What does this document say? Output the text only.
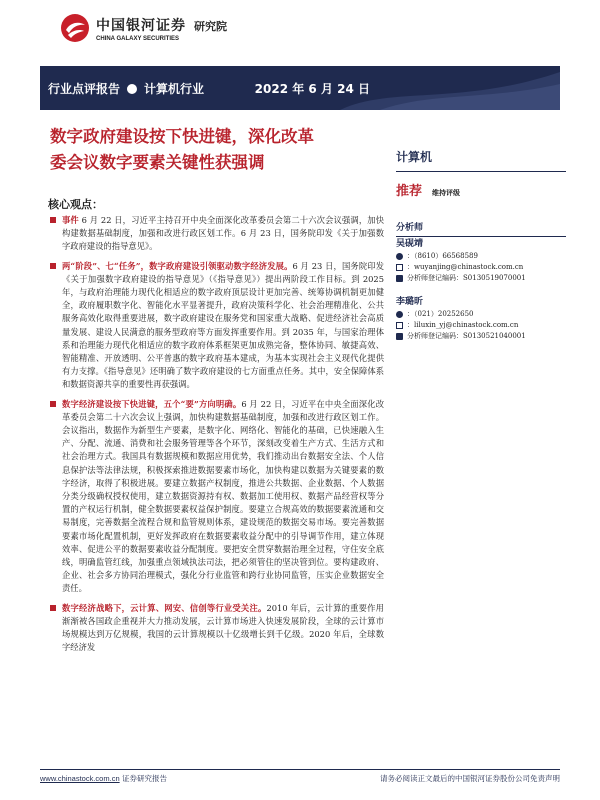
中国银河证券
CHINA GALAXY SECURITIES
研究院
行业点评报告 计算机行业	2022 年 6 月 24 日
数字政府建设按下快进键，深化改革
委会议数字要素关键性获强调
核心观点：
事件 6 月 22 日，习近平主持召开中央全面深化改革委员会第二十六次会议强调，加快构建数据基础制度，加强和改进行政区划工作。6 月 23 日，国务院印发《关于加强数字政府建设的指导意见》。
两“阶段”、七“任务”，数字政府建设引领驱动数字经济发展。6 月 23 日，国务院印发《关于加强数字政府建设的指导意见》（《指导意见》）提出两阶段工作目标。到 2025 年，与政府治理能力现代化相适应的数字政府顶层设计更加完善、统筹协调机制更加健全，政府履职数字化、智能化水平显著提升，政府决策科学化、社会治理精准化、公共服务高效化取得重要进展，数字政府建设在服务党和国家重大战略、促进经济社会高质量发展、建设人民满意的服务型政府等方面发挥重要作用。到 2035 年，与国家治理体系和治理能力现代化相适应的数字政府体系框架更加成熟完备，整体协同、敏捷高效、智能精准、开放透明、公平普惠的数字政府基本建成，为基本实现社会主义现代化提供有力支撑。《指导意见》还明确了数字政府建设的七方面重点任务。其中，安全保障体系和数据资源共享的重要性再获强调。
数字经济建设按下快进键，五个“要”方向明确。6 月 22 日，习近平在中央全面深化改革委员会第二十六次会议上强调，加快构建数据基础制度，加强和改进行政区划工作。会议指出，数据作为新型生产要素，是数字化、网络化、智能化的基础，已快速融入生产、分配、流通、消费和社会服务管理等各个环节，深刻改变着生产方式、生活方式和社会治理方式。我国具有数据规模和数据应用优势，我们推动出台数据安全法、个人信息保护法等法律法规，积极探索推进数据要素市场化，加快构建以数据为关键要素的数字经济，取得了积极进展。要建立数据产权制度，推进公共数据、企业数据、个人数据分类分级确权授权使用，建立数据资源持有权、数据加工使用权、数据产品经营权等分置的产权运行机制，健全数据要素权益保护制度。要建立合规高效的数据要素流通和交易制度，完善数据全流程合规和监管规则体系，建设规范的数据交易市场。要完善数据要素市场化配置机制，更好发挥政府在数据要素收益分配中的引导调节作用，建立体现效率、促进公平的数据要素收益分配制度。要把安全贯穿数据治理全过程，守住安全底线，明确监管红线，加强重点领域执法司法，把必须管住的坚决管到位。要构建政府、企业、社会多方协同治理模式，强化分行业监管和跨行业协同监管，压实企业数据安全责任。
数字经济战略下，云计算、网安、信创等行业受关注。2010 年后，云计算的重要作用渐渐被各国政企重视并大力推动发展，云计算市场进入快速发展阶段，全球的云计算市场规模达到万亿规模，我国的云计算规模以十亿级增长到千亿级。2020 年后，全球数字经济发
计算机
推荐 维持评级
分析师
吴砚靖
：（8610）66568589
：wuyanjing@chinastock.com.cn
分析师登记编码：S0130519070001
李璐昕
：（021）20252650
：liluxin_yj@chinastock.com.cn
分析师登记编码：S0130521040001
www.chinastock.com.cn 证券研究报告	请务必阅读正文最后的中国银河证券股份公司免责声明
